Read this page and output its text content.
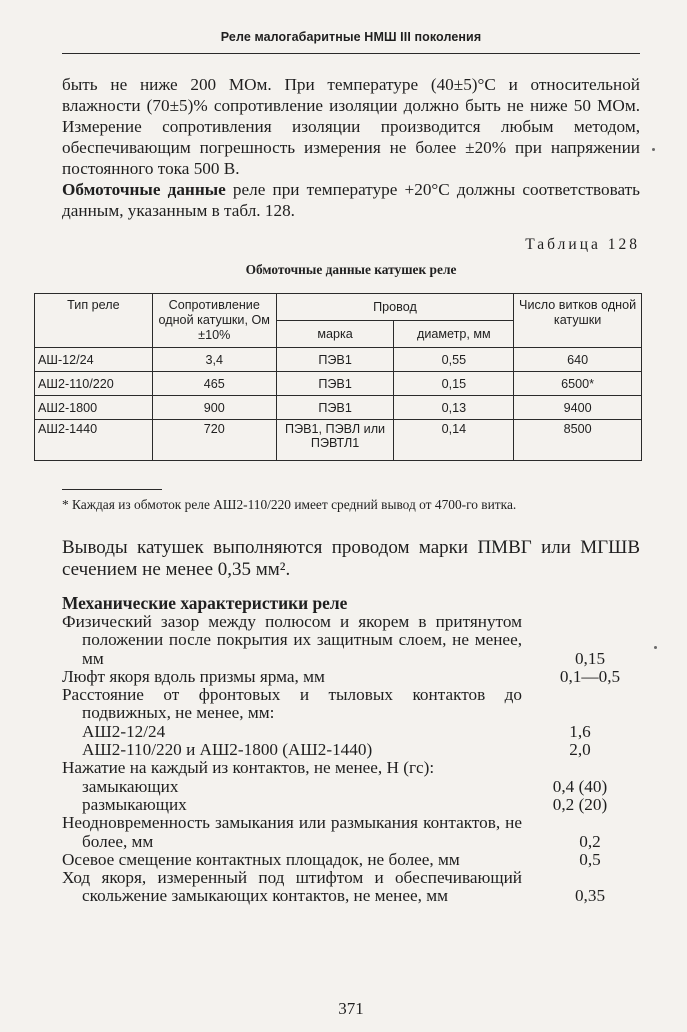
Реле малогабаритные НМШ III поколения

быть не ниже 200 МОм. При температуре (40±5)°С и относительной влажности (70±5)% сопротивление изоляции должно быть не ниже 50 МОм. Измерение сопротивления изоляции производится любым методом, обеспечивающим погрешность измерения не более ±20% при напряжении постоянного тока 500 В.

Обмоточные данные реле при температуре +20°С должны соответствовать данным, указанным в табл. 128.

Таблица 128
Обмоточные данные катушек реле
Тип реле	Сопротивление одной катушки, Ом ±10%	Провод		Число витков одной катушки
		марка	диаметр, мм	
АШ-12/24	3,4	ПЭВ1	0,55	640
АШ2-110/220	465	ПЭВ1	0,15	6500*
АШ2-1800	900	ПЭВ1	0,13	9400
АШ2-1440	720	ПЭВ1, ПЭВЛ или ПЭВТЛ1	0,14	8500
* Каждая из обмоток реле АШ2-110/220 имеет средний вывод от 4700-го витка.

Выводы катушек выполняются проводом марки ПМВГ или МГШВ сечением не менее 0,35 мм².

Механические характеристики реле
Физический зазор между полюсом и якорем в притянутом положении после покрытия их защитным слоем, не менее, мм	0,15
Люфт якоря вдоль призмы ярма, мм	0,1—0,5
Расстояние от фронтовых и тыловых контактов до подвижных, не менее, мм:
АШ2-12/24	1,6
АШ2-110/220 и АШ2-1800 (АШ2-1440)	2,0
Нажатие на каждый из контактов, не менее, Н (гс):
замыкающих	0,4 (40)
размыкающих	0,2 (20)
Неодновременность замыкания или размыкания контактов, не более, мм	0,2
Осевое смещение контактных площадок, не более, мм	0,5
Ход якоря, измеренный под штифтом и обеспечивающий скольжение замыкающих контактов, не менее, мм	0,35
371
